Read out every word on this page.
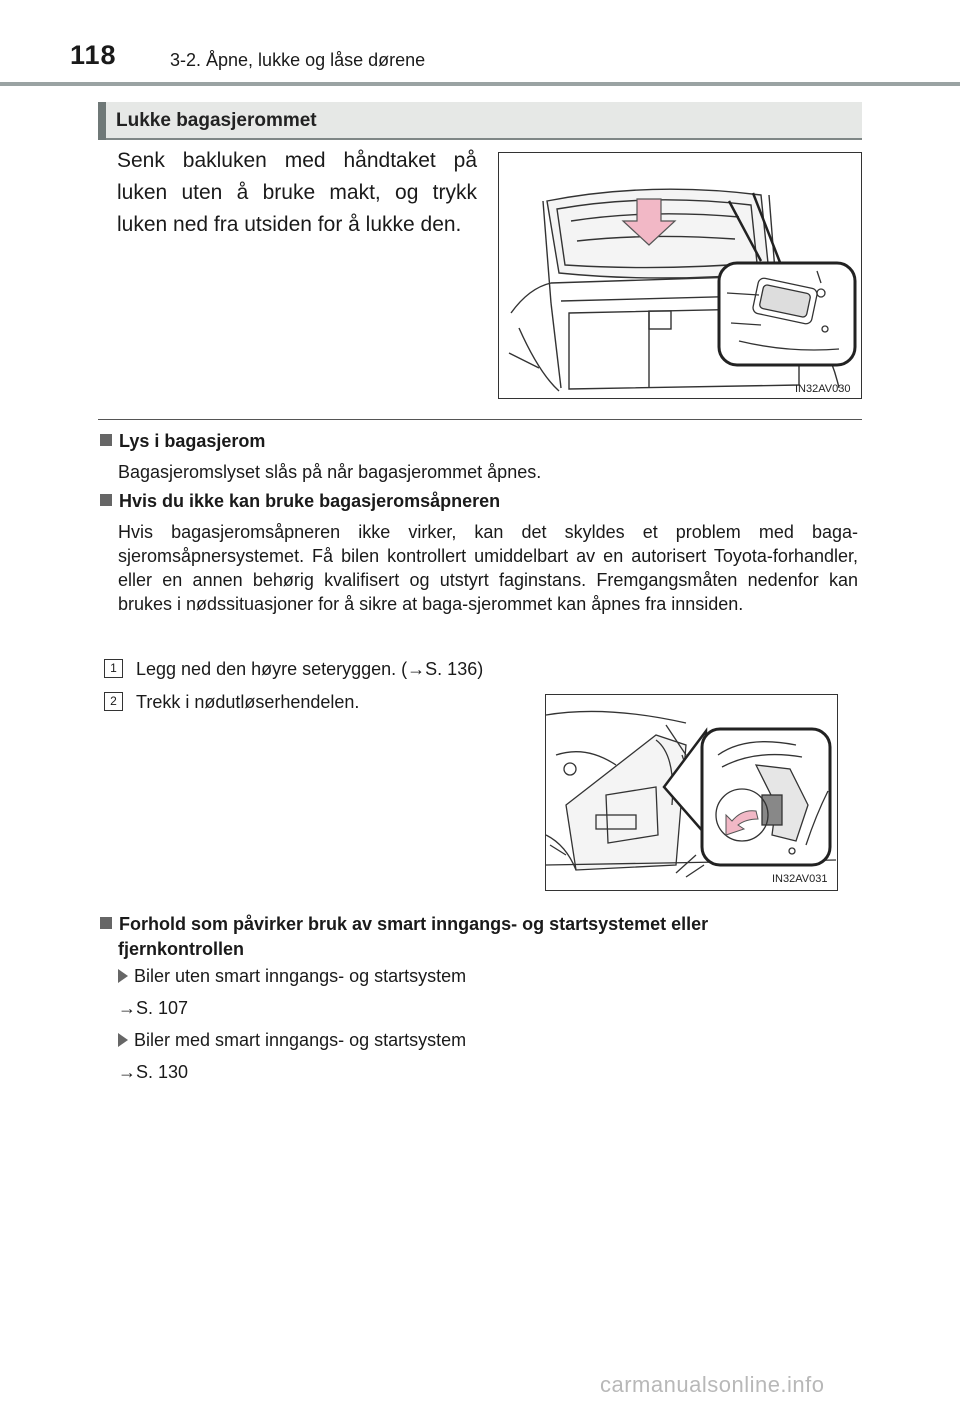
118	3-2. Åpne, lukke og låse dørene
Lukke bagasjerommet
Senk bakluken med håndtaket på luken uten å bruke makt, og trykk luken ned fra utsiden for å lukke den.
IN32AV030
Lys i bagasjerom
Bagasjeromslyset slås på når bagasjerommet åpnes.
Hvis du ikke kan bruke bagasjeromsåpneren
Hvis bagasjeromsåpneren ikke virker, kan det skyldes et problem med baga-sjeromsåpnersystemet. Få bilen kontrollert umiddelbart av en autorisert Toyota-forhandler, eller en annen behørig kvalifisert og utstyrt faginstans. Fremgangsmåten nedenfor kan brukes i nødssituasjoner for å sikre at baga-sjerommet kan åpnes fra innsiden.
1	Legg ned den høyre seteryggen. (→S. 136)
2	Trekk i nødutløserhendelen.
IN32AV031
Forhold som påvirker bruk av smart inngangs- og startsystemet eller
fjernkontrollen
Biler uten smart inngangs- og startsystem
→S. 107
Biler med smart inngangs- og startsystem
→S. 130
carmanualsonline.info
